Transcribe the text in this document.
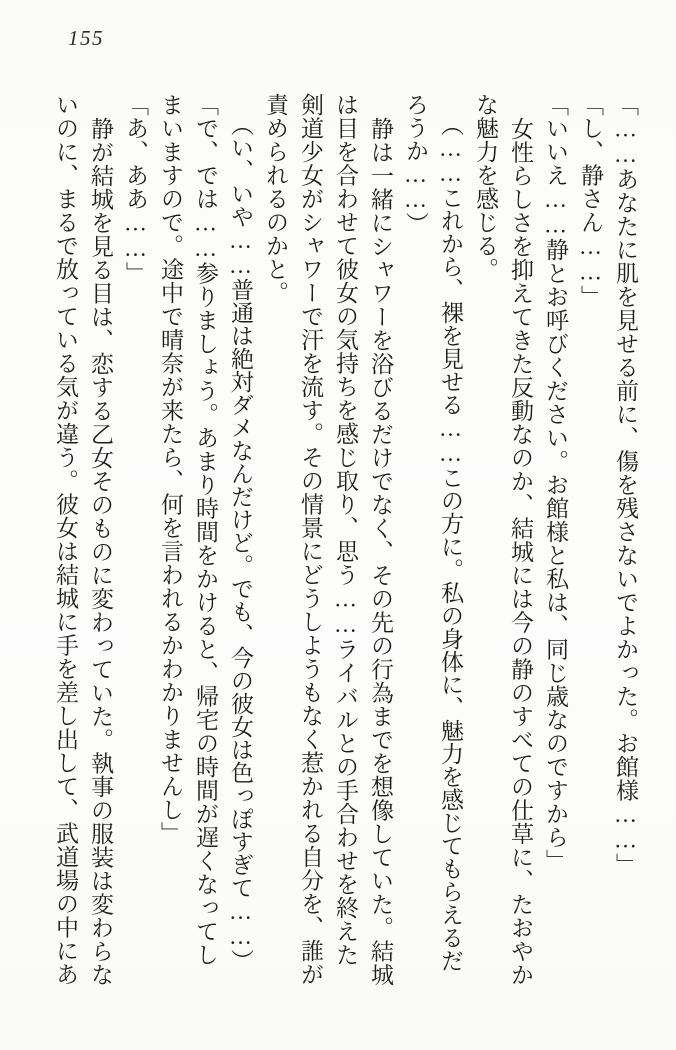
155

「……あなたに肌を見せる前に、傷を残さないでよかった。お館様……」

「し、静さん……」

「いいえ……静とお呼びください。お館様と私は、同じ歳なのですから」

女性らしさを抑えてきた反動なのか、結城には今の静のすべての仕草に、たおやかな魅力を感じる。

（……これから、裸を見せる……この方に。私の身体に、魅力を感じてもらえるだろうか……）

静は一緒にシャワーを浴びるだけでなく、その先の行為までを想像していた。結城は目を合わせて彼女の気持ちを感じ取り、思う……ライバルとの手合わせを終えた剣道少女がシャワーで汗を流す。その情景にどうしようもなく惹かれる自分を、誰が責められるのかと。

（い、いや……普通は絶対ダメなんだけど。でも、今の彼女は色っぽすぎて……）

「で、では……参りましょう。あまり時間をかけると、帰宅の時間が遅くなってしまいますので。途中で晴奈が来たら、何を言われるかわかりませんし」

「あ、ああ……」

静が結城を見る目は、恋する乙女そのものに変わっていた。執事の服装は変わらないのに、まるで放っている気が違う。彼女は結城に手を差し出して、武道場の中にあ
